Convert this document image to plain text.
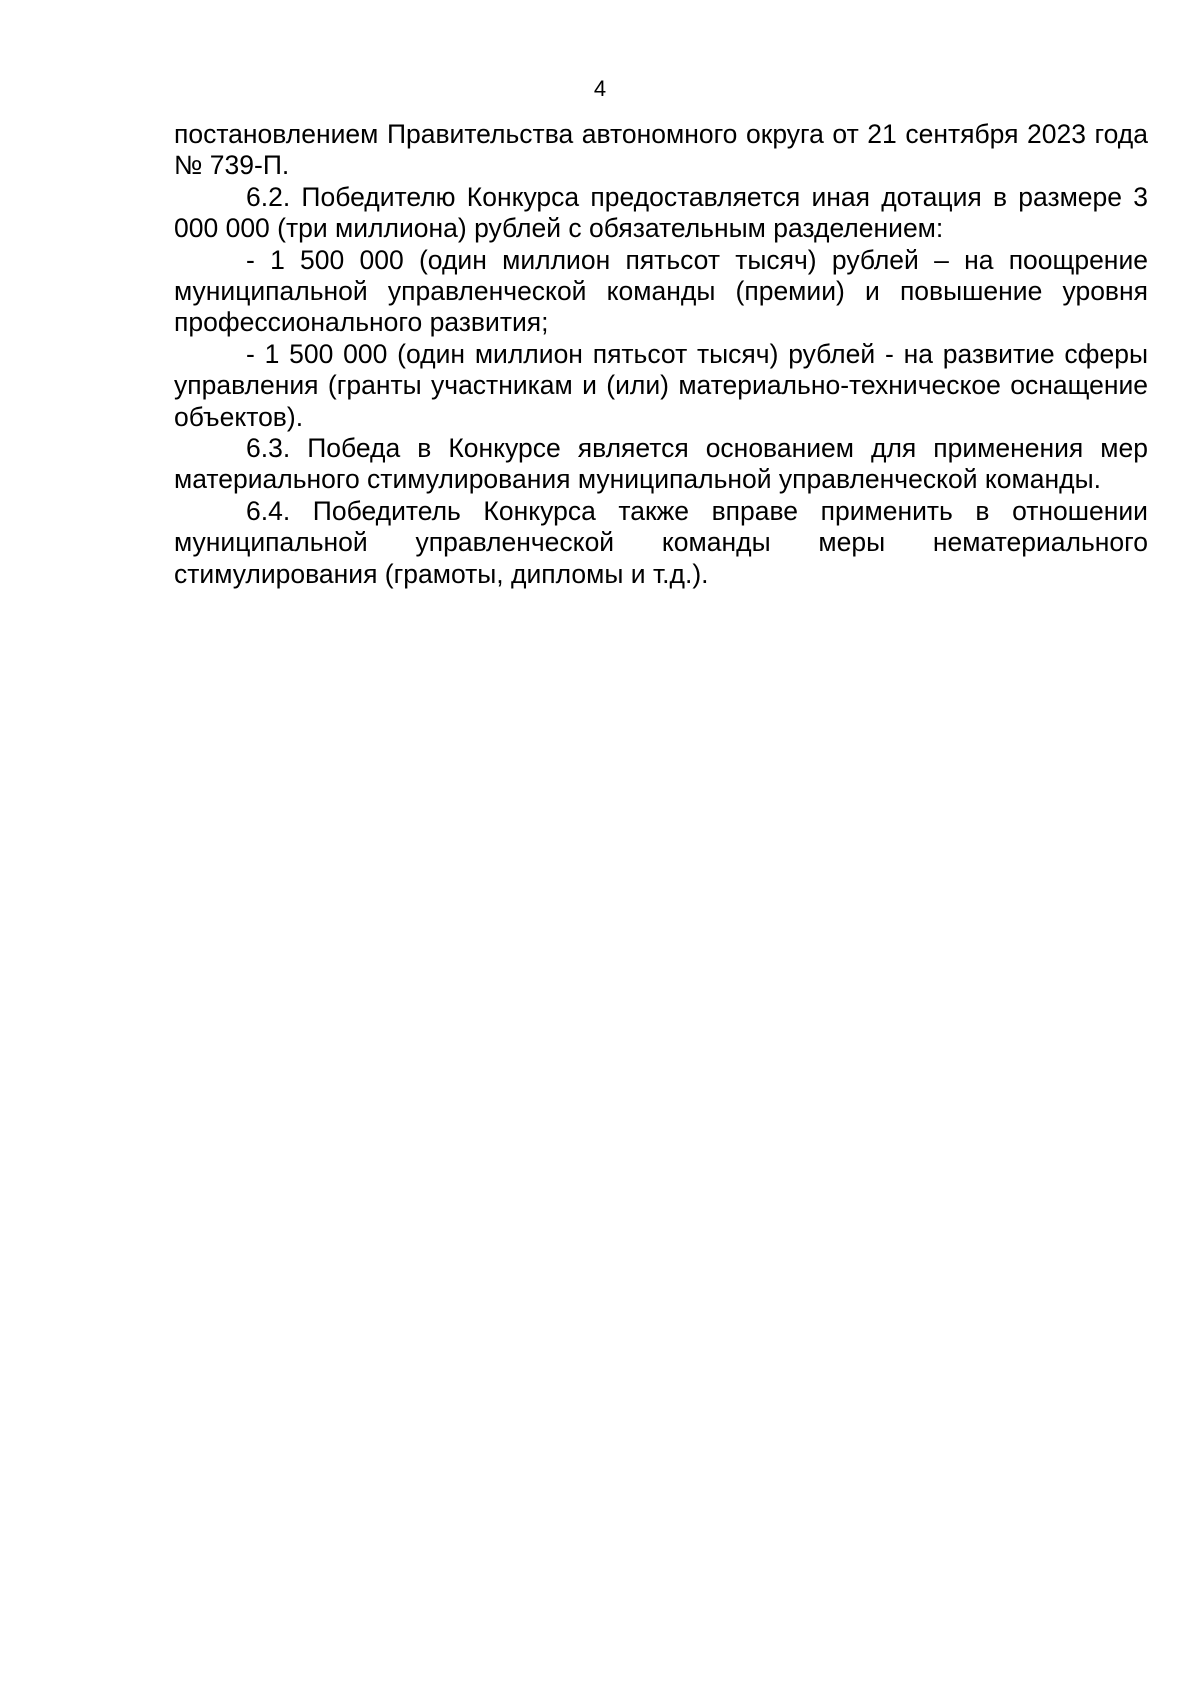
4

постановлением Правительства автономного округа от 21 сентября 2023 года № 739-П.

6.2. Победителю Конкурса предоставляется иная дотация в размере 3 000 000 (три миллиона) рублей с обязательным разделением:

- 1 500 000 (один миллион пятьсот тысяч) рублей – на поощрение муниципальной управленческой команды (премии) и повышение уровня профессионального развития;

- 1 500 000 (один миллион пятьсот тысяч) рублей - на развитие сферы управления (гранты участникам и (или) материально-техническое оснащение объектов).

6.3. Победа в Конкурсе является основанием для применения мер материального стимулирования муниципальной управленческой команды.

6.4. Победитель Конкурса также вправе применить в отношении муниципальной управленческой команды меры нематериального стимулирования (грамоты, дипломы и т.д.).
